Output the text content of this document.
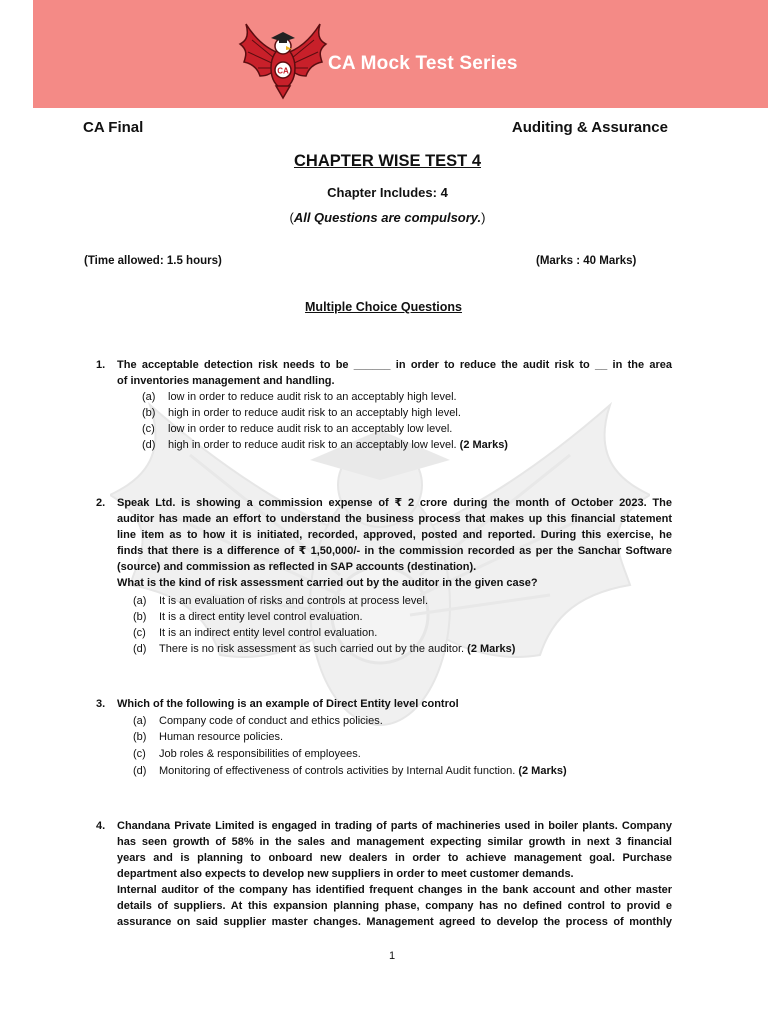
CA CA Mock Test Series
CA Final	Auditing & Assurance
CHAPTER WISE TEST 4
Chapter Includes: 4
(All Questions are compulsory.)
(Time allowed: 1.5 hours)	(Marks : 40 Marks)
Multiple Choice Questions
1. The acceptable detection risk needs to be ______ in order to reduce the audit risk to __ in the area
of inventories management and handling.
(a) low in order to reduce audit risk to an acceptably high level.
(b) high in order to reduce audit risk to an acceptably high level.
(c) low in order to reduce audit risk to an acceptably low level.
(d) high in order to reduce audit risk to an acceptably low level. (2 Marks)
2. Speak Ltd. is showing a commission expense of ₹ 2 crore during the month of October 2023. The
auditor has made an effort to understand the business process that makes up this financial statement
line item as to how it is initiated, recorded, approved, posted and reported. During this exercise, he
finds that there is a difference of ₹ 1,50,000/- in the commission recorded as per the Sanchar Software
(source) and commission as reflected in SAP accounts (destination).
What is the kind of risk assessment carried out by the auditor in the given case?
(a) It is an evaluation of risks and controls at process level.
(b) It is a direct entity level control evaluation.
(c) It is an indirect entity level control evaluation.
(d) There is no risk assessment as such carried out by the auditor. (2 Marks)
3. Which of the following is an example of Direct Entity level control
(a) Company code of conduct and ethics policies.
(b) Human resource policies.
(c) Job roles & responsibilities of employees.
(d) Monitoring of effectiveness of controls activities by Internal Audit function. (2 Marks)
4. Chandana Private Limited is engaged in trading of parts of machineries used in boiler plants. Company
has seen growth of 58% in the sales and management expecting similar growth in next 3 financial
years and is planning to onboard new dealers in order to achieve management goal. Purchase
department also expects to develop new suppliers in order to meet customer demands.
Internal auditor of the company has identified frequent changes in the bank account and other master
details of suppliers. At this expansion planning phase, company has no defined control to provid e
assurance on said supplier master changes. Management agreed to develop the process of monthly
1
